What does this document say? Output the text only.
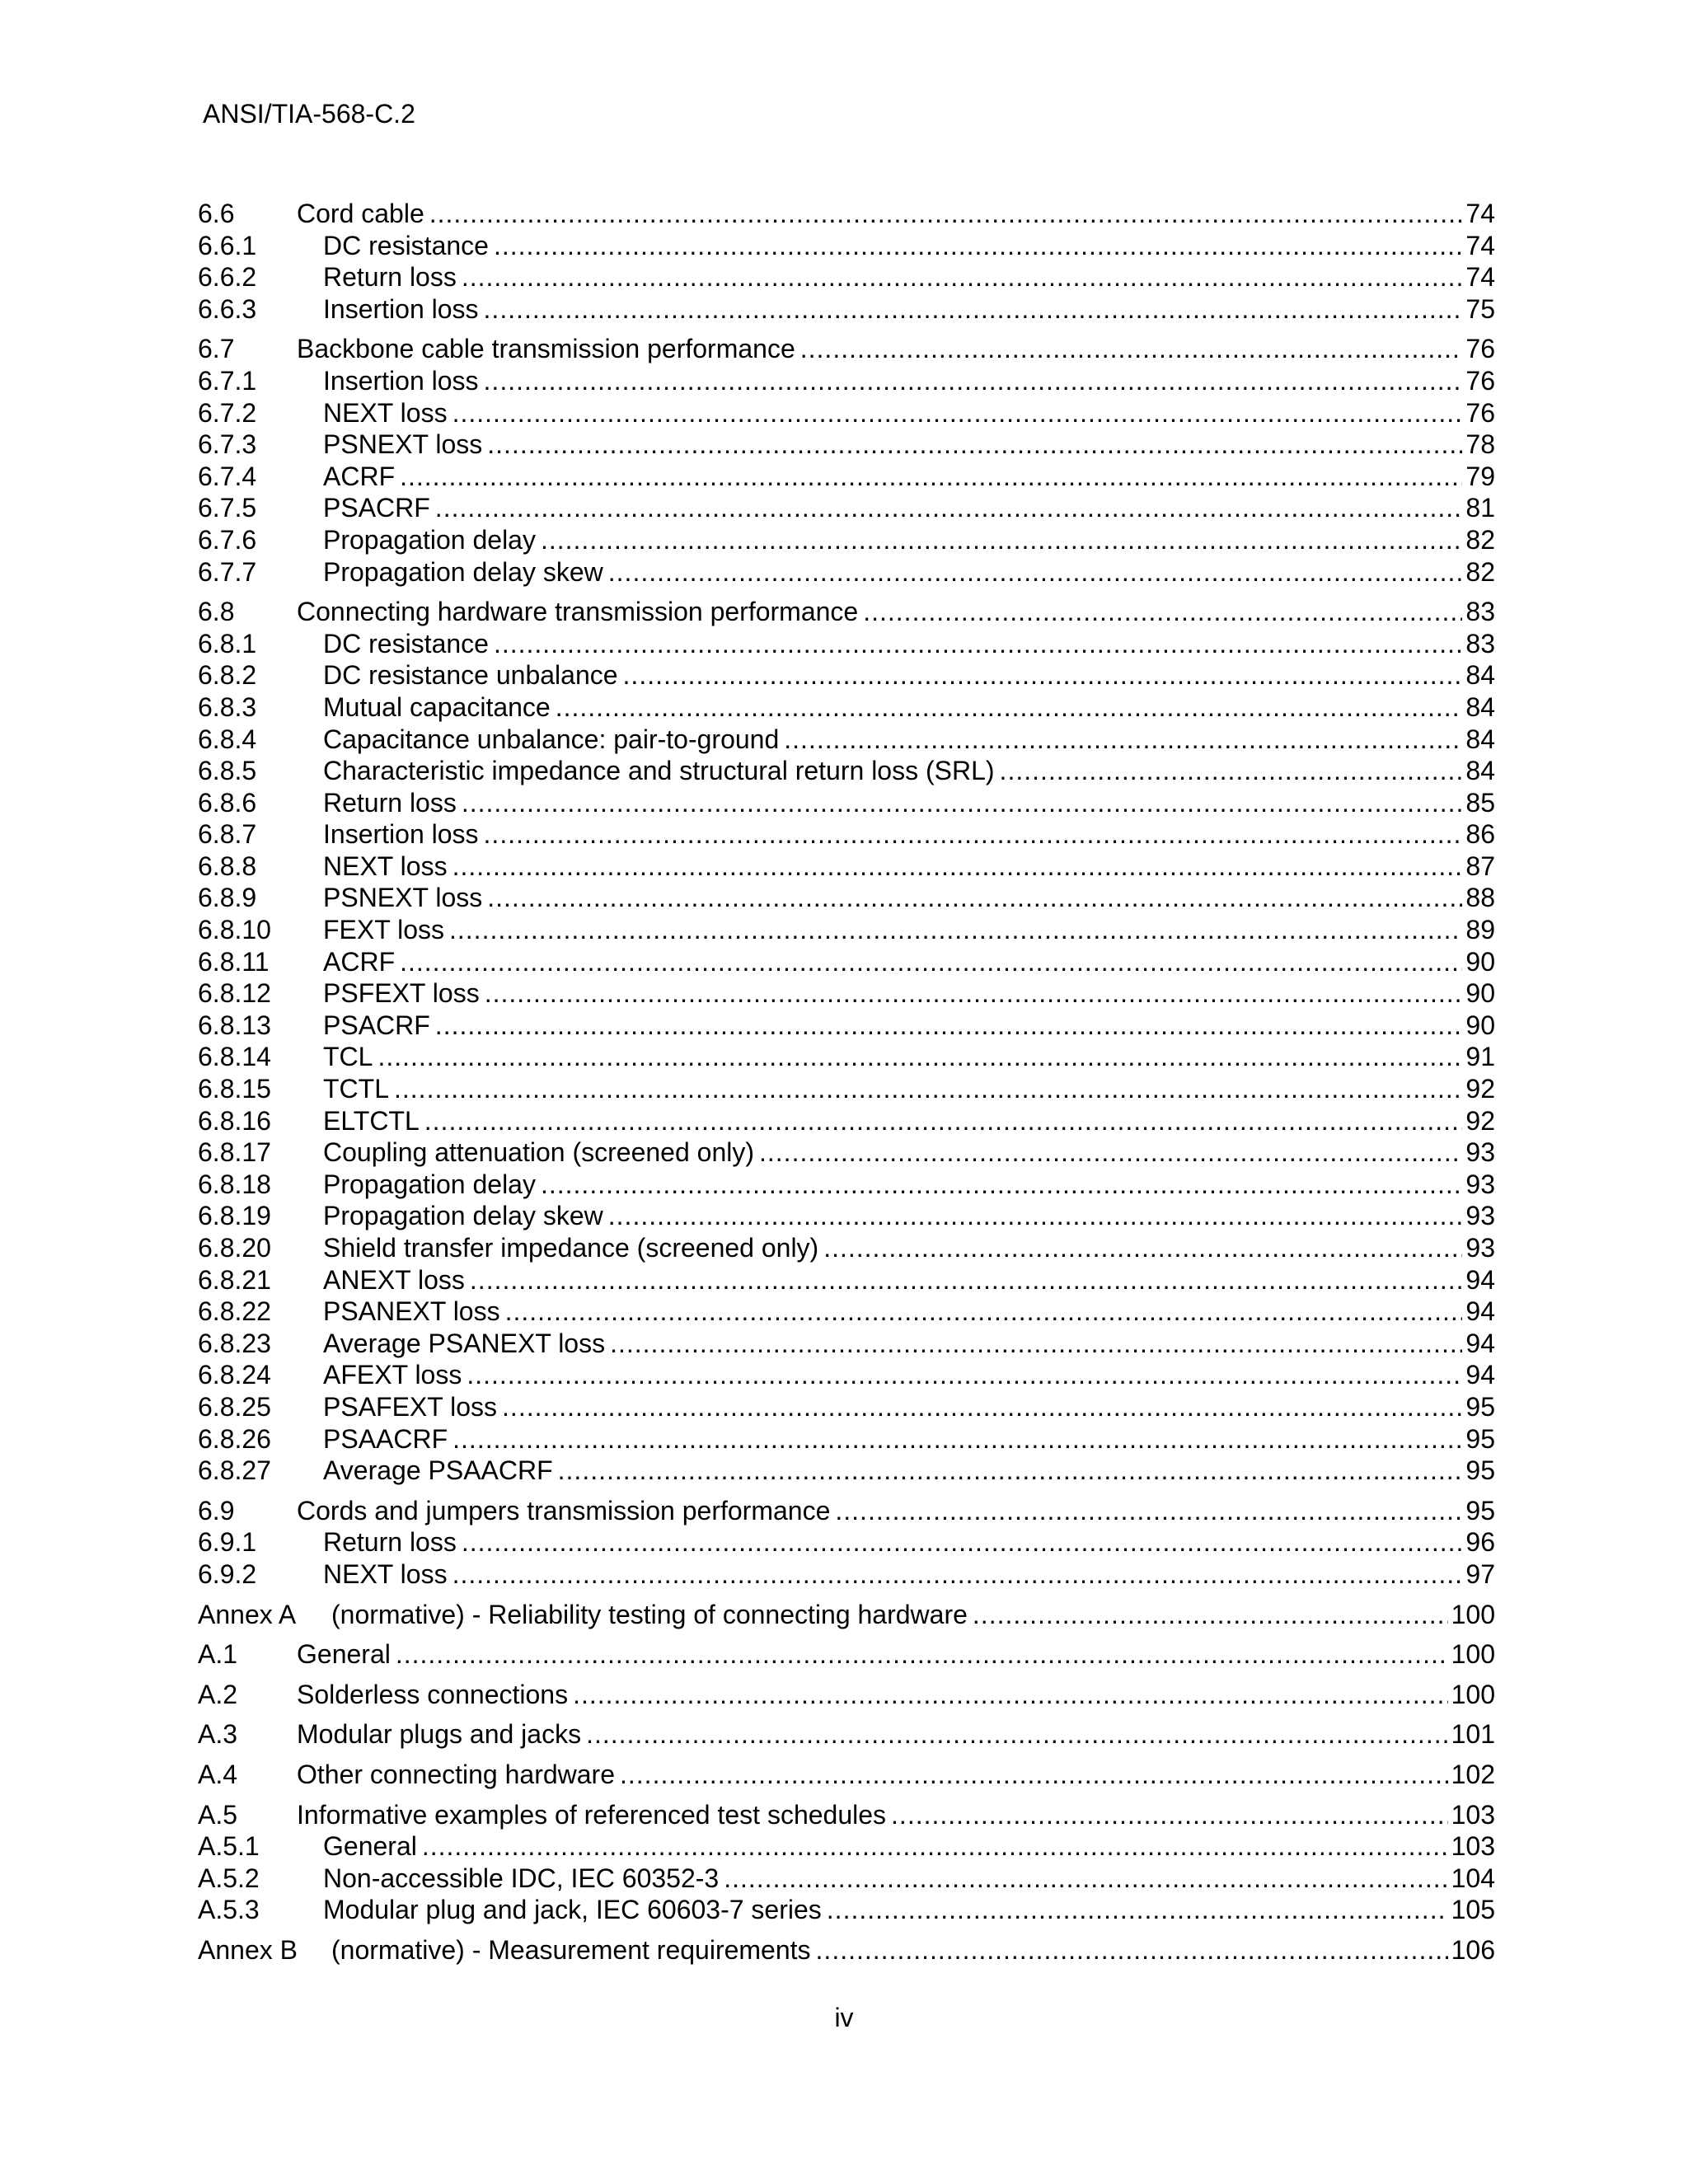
ANSI/TIA-568-C.2
6.6	Cord cable .....	74
6.6.1	DC resistance .....	74
6.6.2	Return loss .....	74
6.6.3	Insertion loss .....	75
6.7	Backbone cable transmission performance .....	76
6.7.1	Insertion loss .....	76
6.7.2	NEXT loss .....	76
6.7.3	PSNEXT loss .....	78
6.7.4	ACRF .....	79
6.7.5	PSACRF .....	81
6.7.6	Propagation delay .....	82
6.7.7	Propagation delay skew .....	82
6.8	Connecting hardware transmission performance .....	83
6.8.1	DC resistance .....	83
6.8.2	DC resistance unbalance .....	84
6.8.3	Mutual capacitance .....	84
6.8.4	Capacitance unbalance: pair-to-ground .....	84
6.8.5	Characteristic impedance and structural return loss (SRL) .....	84
6.8.6	Return loss .....	85
6.8.7	Insertion loss .....	86
6.8.8	NEXT loss .....	87
6.8.9	PSNEXT loss .....	88
6.8.10	FEXT loss .....	89
6.8.11	ACRF .....	90
6.8.12	PSFEXT loss .....	90
6.8.13	PSACRF .....	90
6.8.14	TCL .....	91
6.8.15	TCTL .....	92
6.8.16	ELTCTL .....	92
6.8.17	Coupling attenuation (screened only) .....	93
6.8.18	Propagation delay .....	93
6.8.19	Propagation delay skew .....	93
6.8.20	Shield transfer impedance (screened only) .....	93
6.8.21	ANEXT loss .....	94
6.8.22	PSANEXT loss .....	94
6.8.23	Average PSANEXT loss .....	94
6.8.24	AFEXT loss .....	94
6.8.25	PSAFEXT loss .....	95
6.8.26	PSAACRF .....	95
6.8.27	Average PSAACRF .....	95
6.9	Cords and jumpers transmission performance .....	95
6.9.1	Return loss .....	96
6.9.2	NEXT loss .....	97
Annex A	(normative) - Reliability testing of connecting hardware .....	100
A.1	General .....	100
A.2	Solderless connections .....	100
A.3	Modular plugs and jacks .....	101
A.4	Other connecting hardware .....	102
A.5	Informative examples of referenced test schedules .....	103
A.5.1	General .....	103
A.5.2	Non-accessible IDC, IEC 60352-3 .....	104
A.5.3	Modular plug and jack, IEC 60603-7 series .....	105
Annex B	(normative) - Measurement requirements .....	106
iv
